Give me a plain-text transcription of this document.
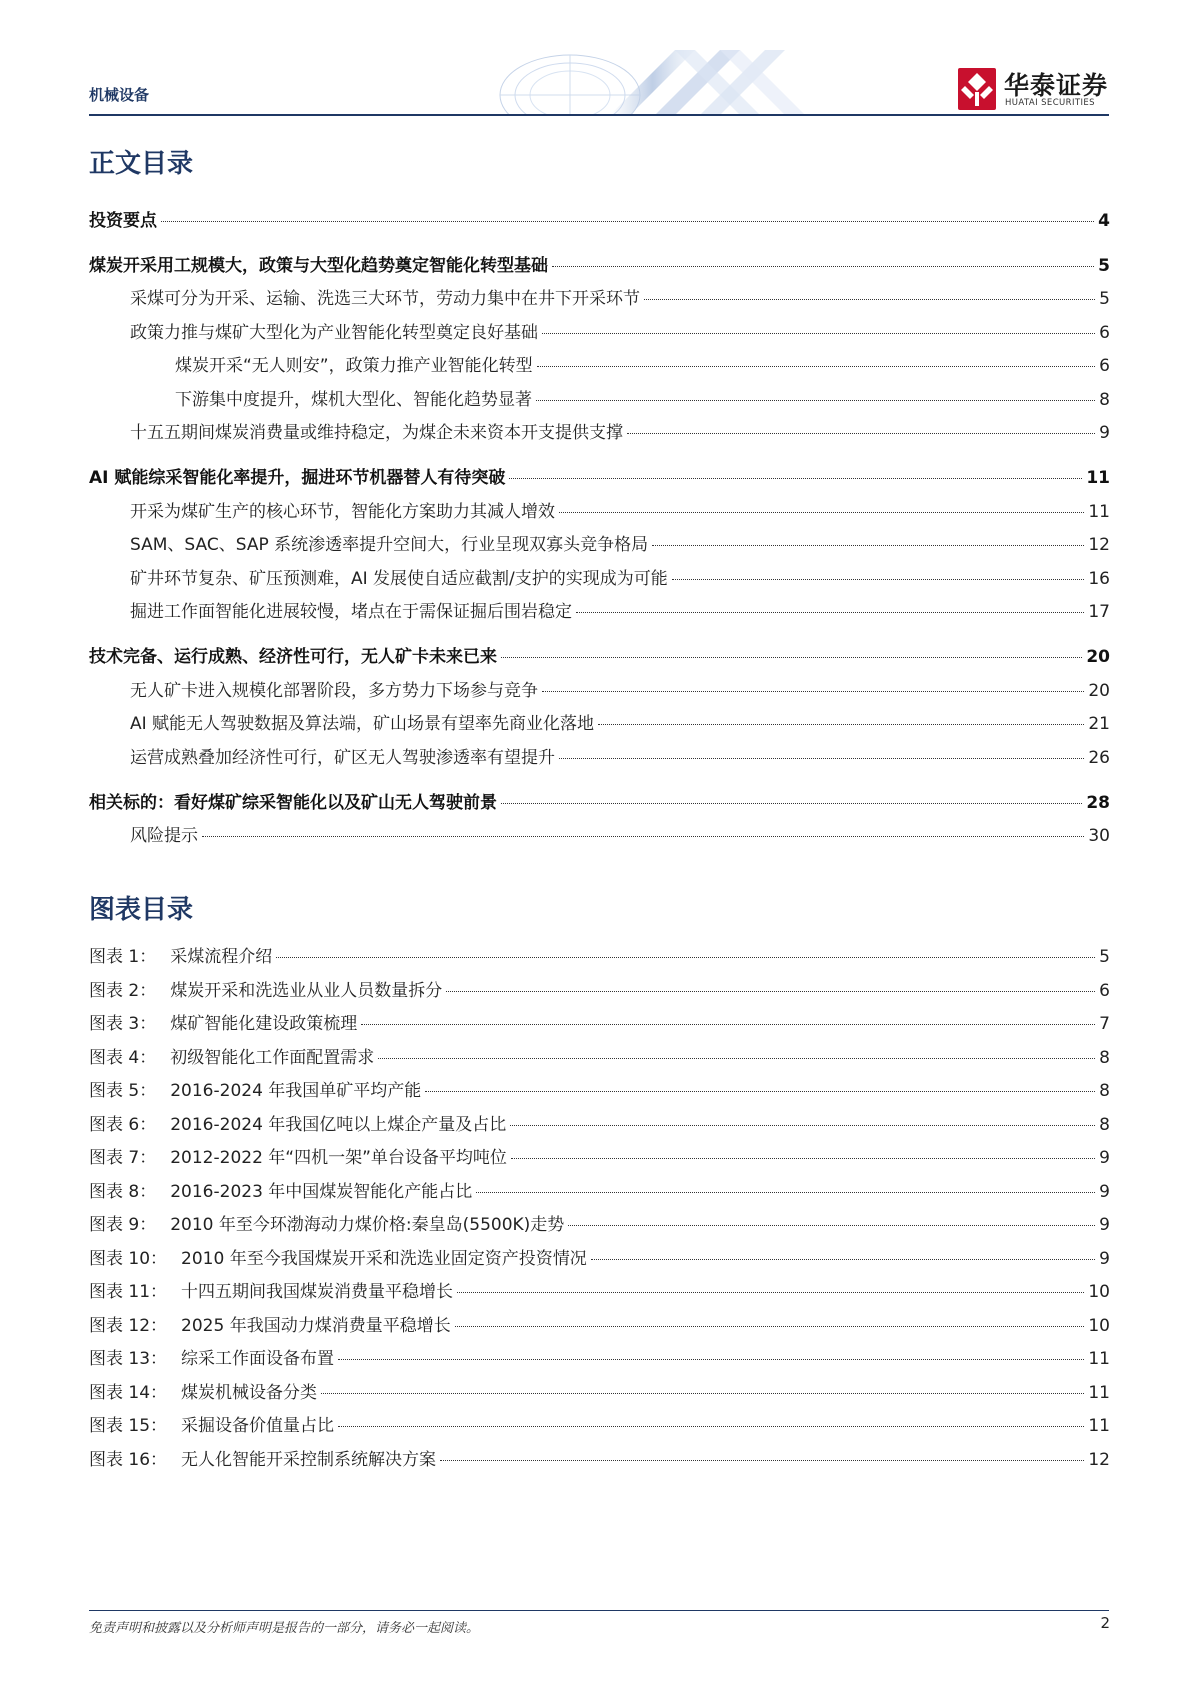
机械设备	华泰证券
HUATAI SECURITIES
正文目录
投资要点	4
煤炭开采用工规模大，政策与大型化趋势奠定智能化转型基础	5
采煤可分为开采、运输、洗选三大环节，劳动力集中在井下开采环节	5
政策力推与煤矿大型化为产业智能化转型奠定良好基础	6
煤炭开采“无人则安”，政策力推产业智能化转型	6
下游集中度提升，煤机大型化、智能化趋势显著	8
十五五期间煤炭消费量或维持稳定，为煤企未来资本开支提供支撑	9
AI 赋能综采智能化率提升，掘进环节机器替人有待突破	11
开采为煤矿生产的核心环节，智能化方案助力其减人增效	11
SAM、SAC、SAP 系统渗透率提升空间大，行业呈现双寡头竞争格局	12
矿井环节复杂、矿压预测难，AI 发展使自适应截割/支护的实现成为可能	16
掘进工作面智能化进展较慢，堵点在于需保证掘后围岩稳定	17
技术完备、运行成熟、经济性可行，无人矿卡未来已来	20
无人矿卡进入规模化部署阶段，多方势力下场参与竞争	20
AI 赋能无人驾驶数据及算法端，矿山场景有望率先商业化落地	21
运营成熟叠加经济性可行，矿区无人驾驶渗透率有望提升	26
相关标的：看好煤矿综采智能化以及矿山无人驾驶前景	28
风险提示	30
图表目录
图表 1： 采煤流程介绍	5
图表 2： 煤炭开采和洗选业从业人员数量拆分	6
图表 3： 煤矿智能化建设政策梳理	7
图表 4： 初级智能化工作面配置需求	8
图表 5： 2016-2024 年我国单矿平均产能	8
图表 6： 2016-2024 年我国亿吨以上煤企产量及占比	8
图表 7： 2012-2022 年“四机一架”单台设备平均吨位	9
图表 8： 2016-2023 年中国煤炭智能化产能占比	9
图表 9： 2010 年至今环渤海动力煤价格:秦皇岛(5500K)走势	9
图表 10： 2010 年至今我国煤炭开采和洗选业固定资产投资情况	9
图表 11： 十四五期间我国煤炭消费量平稳增长	10
图表 12： 2025 年我国动力煤消费量平稳增长	10
图表 13： 综采工作面设备布置	11
图表 14： 煤炭机械设备分类	11
图表 15： 采掘设备价值量占比	11
图表 16： 无人化智能开采控制系统解决方案	12
免责声明和披露以及分析师声明是报告的一部分，请务必一起阅读。	2
